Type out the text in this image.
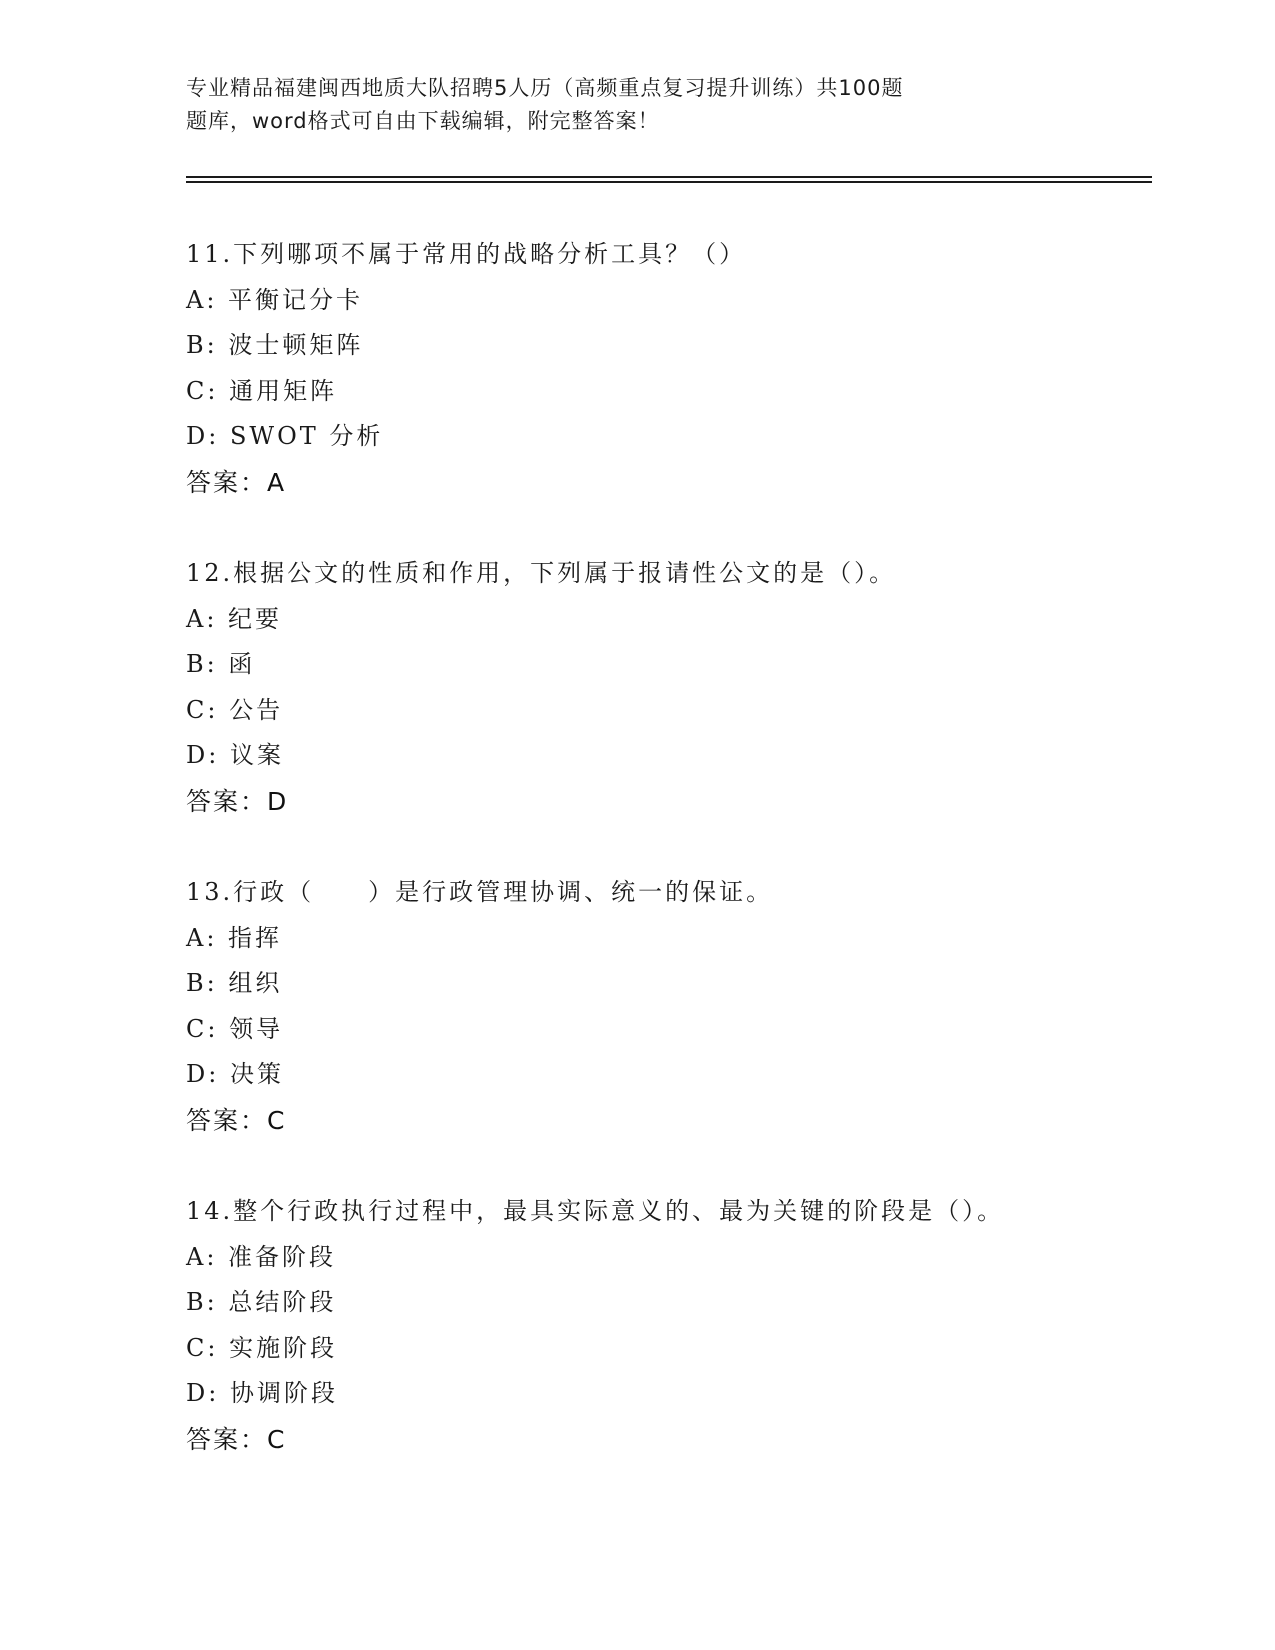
专业精品福建闽西地质大队招聘5人历（高频重点复习提升训练）共100题
题库，word格式可自由下载编辑，附完整答案！
11.下列哪项不属于常用的战略分析工具？（）
A: 平衡记分卡
B: 波士顿矩阵
C: 通用矩阵
D: SWOT 分析
答案：A
12.根据公文的性质和作用，下列属于报请性公文的是（）。
A: 纪要
B: 函
C: 公告
D: 议案
答案：D
13.行政（　　）是行政管理协调、统一的保证。
A: 指挥
B: 组织
C: 领导
D: 决策
答案：C
14.整个行政执行过程中，最具实际意义的、最为关键的阶段是（）。
A: 准备阶段
B: 总结阶段
C: 实施阶段
D: 协调阶段
答案：C
